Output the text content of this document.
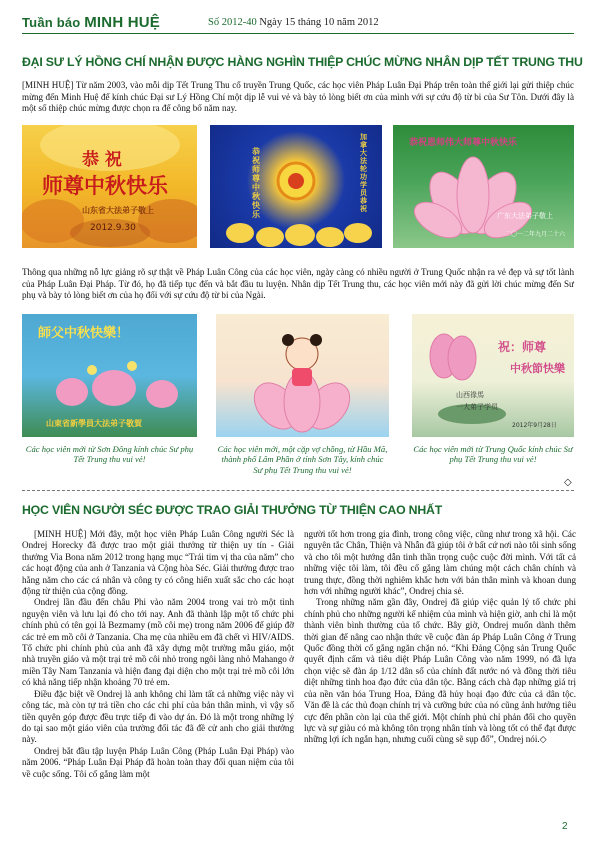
Tuần báo MINH HUỆ	Số 2012-40 Ngày 15 tháng 10 năm 2012
ĐẠI SƯ LÝ HỒNG CHÍ NHẬN ĐƯỢC HÀNG NGHÌN THIỆP CHÚC MỪNG NHÂN DỊP TẾT TRUNG THU
[MINH HUỆ] Từ năm 2003, vào mỗi dịp Tết Trung Thu cổ truyền Trung Quốc, các học viên Pháp Luân Đại Pháp trên toàn thế giới lại gửi thiệp chúc mừng đến Minh Huệ để kính chúc Đại sư Lý Hồng Chí một dịp lễ vui vẻ và bày tỏ lòng biết ơn của mình với sự cứu độ từ bi của Sư Tôn. Dưới đây là một số thiệp chúc mừng được chọn ra để công bố năm nay.
恭 祝
师尊中秋快乐
山东省大法弟子敬上
2012.9.30
恭祝师尊中秋快乐
加拿大法轮功学员恭祝
恭祝恩师伟大师尊中秋快乐
广东大法弟子敬上
二〇一二年九月二十六
Thông qua những nỗ lực giảng rõ sự thật về Pháp Luân Công của các học viên, ngày càng có nhiều người ở Trung Quốc nhận ra vẻ đẹp và sự tốt lành của Pháp Luân Đại Pháp. Từ đó, họ đã tiếp tục đến và bắt đầu tu luyện. Nhân dịp Tết Trung thu, các học viên mới này đã gửi lời chúc mừng đến Sư phụ và bày tỏ lòng biết ơn của họ đối với sự cứu độ từ bi của Ngài.
師父中秋快樂！
山東省新學員大法弟子敬賀
祝：师尊
中秋節快樂
山西祿馬
一大弟子学员
2012年9月28日
Các học viên mới từ Sơn Đông kính chúc Sư phụ Tết Trung thu vui vẻ!
Các học viên mới, một cặp vợ chồng, từ Hầu Mã, thành phố Lâm Phần ở tỉnh Sơn Tây, kính chúc Sư phụ Tết Trung thu vui vẻ!
Các học viên mới từ Trung Quốc kính chúc Sư phụ Tết Trung thu vui vẻ!
◇
HỌC VIÊN NGƯỜI SÉC ĐƯỢC TRAO GIẢI THƯỞNG TỪ THIỆN CAO NHẤT

[MINH HUỆ] Mới đây, một học viên Pháp Luân Công người Séc là Ondrej Horecky đã được trao một giải thưởng từ thiện uy tín - Giải thưởng Via Bona năm 2012 trong hạng mục “Trái tim vị tha của năm” cho các hoạt động của anh ở Tanzania và Cộng hòa Séc. Giải thưởng được trao hằng năm cho các cá nhân và công ty có công hiến xuất sắc cho các hoạt động từ thiện của cộng đồng.

Ondrej lần đầu đến châu Phi vào năm 2004 trong vai trò một tình nguyện viên và lưu lại đó cho tới nay. Anh đã thành lập một tổ chức phi chính phủ có tên gọi là Bezmamy (mồ côi mẹ) trong năm 2006 để giúp đỡ các trẻ em mồ côi ở Tanzania. Cha mẹ của nhiều em đã chết vì HIV/AIDS. Tổ chức phi chính phủ của anh đã xây dựng một trường mẫu giáo, một nhà truyền giáo và một trại trẻ mồ côi nhỏ trong ngôi làng nhỏ Mahango ở miền Tây Nam Tanzania và hiện đang đại diện cho một trại trẻ mồ côi lớn có khả năng tiếp nhận khoảng 70 trẻ em.

Điều đặc biệt về Ondrej là anh không chỉ làm tất cả những việc này vì công tác, mà còn tự trả tiền cho các chi phí của bản thân mình, vì vậy số tiền quyên góp được đều trực tiếp đi vào dự án. Đó là một trong những lý do tại sao một giáo viên của trường đối tác đã đề cử anh cho giải thưởng này.

Ondrej bắt đầu tập luyện Pháp Luân Công (Pháp Luân Đại Pháp) vào năm 2006. “Pháp Luân Đại Pháp đã hoàn toàn thay đổi quan niệm của tôi về cuộc sống. Tôi cố gắng làm một

người tốt hơn trong gia đình, trong công việc, cũng như trong xã hội. Các nguyên tắc Chân, Thiện và Nhẫn đã giúp tôi ở bất cứ nơi nào tôi sinh sống và cho tôi một hướng dẫn tinh thần trọng cuộc cuộc đời mình. Với tất cả những việc tôi làm, tôi đều cố gắng làm chúng một cách chân chính và trung thực, đồng thời nghiêm khắc hơn với bản thân mình và khoan dung hơn với những người khác”, Ondrej chia sẻ.

Trong những năm gần đây, Ondrej đã giúp việc quản lý tổ chức phi chính phủ cho những người kế nhiệm của mình và hiện giờ, anh chỉ là một thành viên bình thường của tổ chức. Bây giờ, Ondrej muốn dành thêm thời gian để nâng cao nhận thức về cuộc đàn áp Pháp Luân Công ở Trung Quốc đồng thời cố gắng ngăn chặn nó. “Khi Đảng Cộng sản Trung Quốc quyết định cấm và tiêu diệt Pháp Luân Công vào năm 1999, nó đã lựa chọn việc sẽ đàn áp 1/12 dân số của chính đất nước nó và đồng thời tiêu diệt những tinh hoa đạo đức của dân tộc. Bằng cách chà đạp những giá trị của nền văn hóa Trung Hoa, Đảng đã hủy hoại đạo đức của cả dân tộc. Văn đề là các thủ đoạn chính trị và cưỡng bức của nó cũng ảnh hưởng tiêu cực đến phần còn lại của thế giới. Một chính phủ chỉ phản đối cho quyền lực và sự giàu có mà không tôn trọng nhân tính và lòng tốt có thể đạt được những lợi ích ngắn hạn, nhưng cuối cùng sẽ sụp đổ”, Ondrej nói.◇

2
